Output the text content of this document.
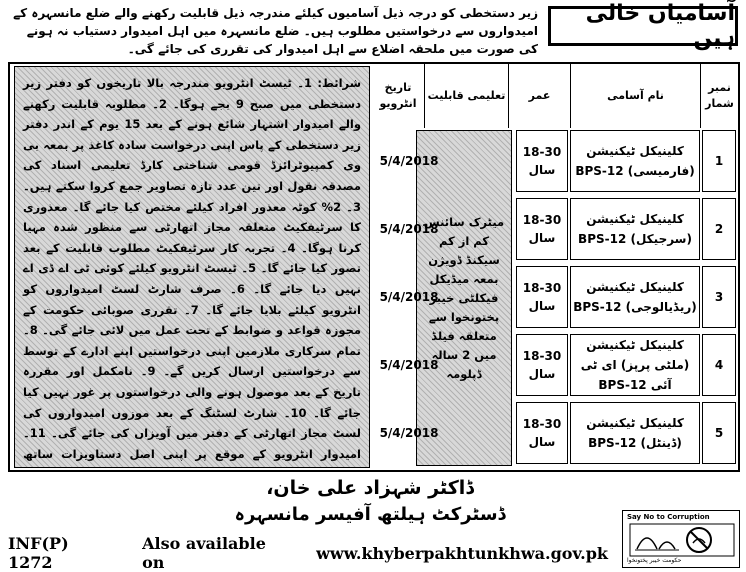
زیر دستخطی کو درجہ ذیل آسامیوں کیلئے مندرجہ ذیل قابلیت رکھنے والے ضلع مانسہرہ کے امیدواروں سے درخواستیں مطلوب ہیں۔ ضلع مانسہرہ میں اہل امیدوار دستیاب نہ ہونے کی صورت میں ملحقہ اضلاع سے اہل امیدوار کی تقرری کی جائے گی۔
آسامیاں خالی ہیں
نمبر شمار
نام آسامی
عمر
تعلیمی قابلیت
تاریخ انٹرویو
شرائط: 1۔ ٹیسٹ انٹرویو مندرجہ بالا تاریخوں کو دفتر زیر دستخطی میں صبح 9 بجے ہوگا۔ 2۔ مطلوبہ قابلیت رکھنے والے امیدوار اشتہار شائع ہونے کے بعد 15 یوم کے اندر دفتر زیر دستخطی کے پاس اپنی درخواست سادہ کاغذ پر بمعہ بی وی کمپیوٹرائزڈ قومی شناختی کارڈ تعلیمی اسناد کی مصدقہ نقول اور تین عدد تازہ تصاویر جمع کروا سکتے ہیں۔ 3۔ 2% کوٹہ معذور افراد کیلئے مختص کیا جائے گا۔ معذوری کا سرٹیفکیٹ متعلقہ مجاز اتھارٹی سے منظور شدہ مہیا کرنا ہوگا۔ 4۔ تجربہ کار سرٹیفکیٹ مطلوب قابلیت کے بعد تصور کیا جائے گا۔ 5۔ ٹیسٹ انٹرویو کیلئے کوئی ٹی اے ڈی اے نہیں دیا جائے گا۔ 6۔ صرف شارٹ لسٹ امیدواروں کو انٹرویو کیلئے بلایا جائے گا۔ 7۔ تقرری صوبائی حکومت کے مجوزہ قواعد و ضوابط کے تحت عمل میں لائی جائے گی۔ 8۔ تمام سرکاری ملازمین اپنی درخواستیں اپنے ادارے کے توسط سے درخواستیں ارسال کریں گے۔ 9۔ نامکمل اور مقررہ تاریخ کے بعد موصول ہونے والی درخواستوں پر غور نہیں کیا جائے گا۔ 10۔ شارٹ لسٹنگ کے بعد موزوں امیدواروں کی لسٹ مجاز اتھارٹی کے دفتر میں آویزاں کی جائے گی۔ 11۔ امیدوار انٹرویو کے موقع پر اپنی اصل دستاویزات ساتھ
میٹرک سائنس کم از کم سیکنڈ ڈویژن بمعہ میڈیکل فیکلٹی خیبر پختونخوا سے متعلقہ فیلڈ میں 2 سالہ ڈپلومہ
1
کلینیکل ٹیکنیشن
(فارمیسی) BPS-12
18-30
سال
5/4/2018
2
کلینیکل ٹیکنیشن
(سرجیکل) BPS-12
18-30
سال
5/4/2018
3
کلینیکل ٹیکنیشن
(ریڈیالوجی) BPS-12
18-30
سال
5/4/2018
4
کلینیکل ٹیکنیشن
(ملٹی پرپز) ای ٹی آئی BPS-12
18-30
سال
5/4/2018
5
کلینیکل ٹیکنیشن
(ڈینٹل) BPS-12
18-30
سال
5/4/2018
ڈاکٹر شہزاد علی خان،
ڈسٹرکٹ ہیلتھ آفیسر مانسہرہ
INF(P) 1272
Also available on	www.khyberpakhtunkhwa.gov.pk
Say No to Corruption
حکومت خیبر پختونخوا
